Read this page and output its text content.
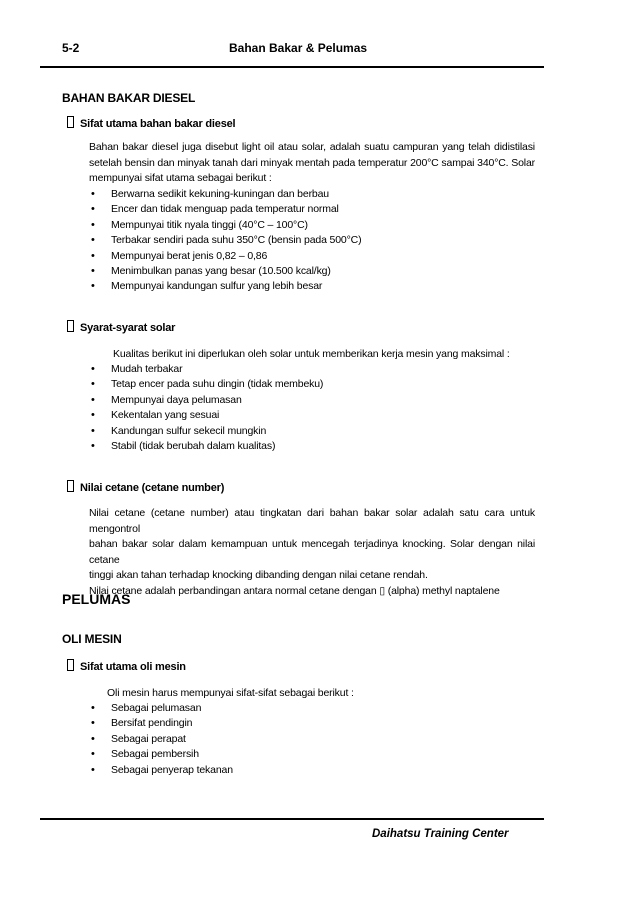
5-2	Bahan Bakar & Pelumas
BAHAN BAKAR DIESEL
Sifat utama bahan bakar diesel
Bahan bakar diesel juga disebut light oil atau solar, adalah suatu campuran yang telah didistilasi
setelah bensin dan minyak tanah dari minyak mentah pada temperatur 200°C sampai 340°C. Solar
mempunyai sifat utama sebagai berikut :
• Berwarna sedikit kekuning-kuningan dan berbau
• Encer dan tidak menguap pada temperatur normal
• Mempunyai titik nyala tinggi (40°C – 100°C)
• Terbakar sendiri pada suhu 350°C (bensin pada 500°C)
• Mempunyai berat jenis 0,82 – 0,86
• Menimbulkan panas yang besar (10.500 kcal/kg)
• Mempunyai kandungan sulfur yang lebih besar
Syarat-syarat solar
Kualitas berikut ini diperlukan oleh solar untuk memberikan kerja mesin yang maksimal :
• Mudah terbakar
• Tetap encer pada suhu dingin (tidak membeku)
• Mempunyai daya pelumasan
• Kekentalan yang sesuai
• Kandungan sulfur sekecil mungkin
• Stabil (tidak berubah dalam kualitas)
Nilai cetane (cetane number)
Nilai cetane (cetane number) atau tingkatan dari bahan bakar solar adalah satu cara untuk mengontrol
bahan bakar solar dalam kemampuan untuk mencegah terjadinya knocking. Solar dengan nilai cetane
tinggi akan tahan terhadap knocking dibanding dengan nilai cetane rendah.
Nilai cetane adalah perbandingan antara normal cetane dengan ▯ (alpha) methyl naptalene
PELUMAS
OLI MESIN
Sifat utama oli mesin
Oli mesin harus mempunyai sifat-sifat sebagai berikut :
• Sebagai pelumasan
• Bersifat pendingin
• Sebagai perapat
• Sebagai pembersih
• Sebagai penyerap tekanan
Daihatsu Training Center
